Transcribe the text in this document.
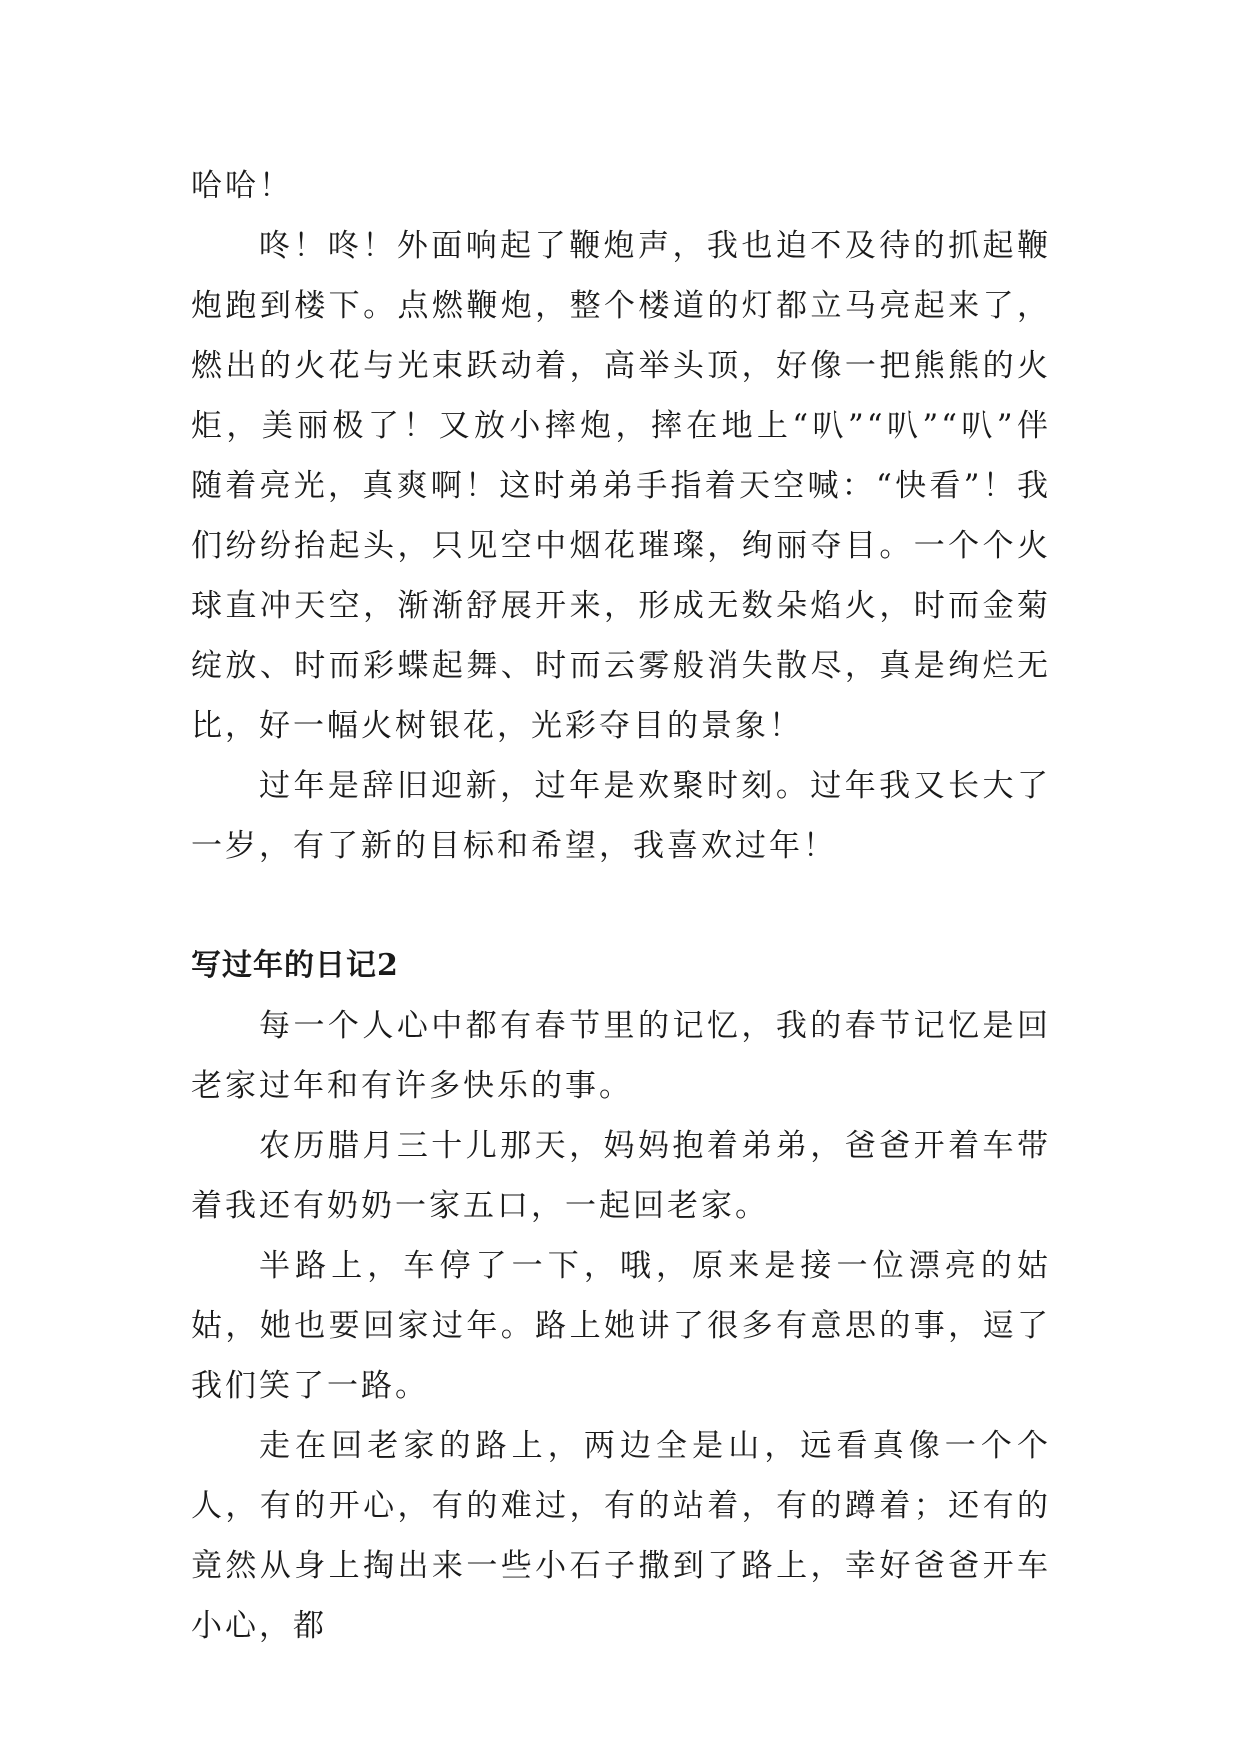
哈哈！

咚！咚！外面响起了鞭炮声，我也迫不及待的抓起鞭炮跑到楼下。点燃鞭炮，整个楼道的灯都立马亮起来了，燃出的火花与光束跃动着，高举头顶，好像一把熊熊的火炬，美丽极了！又放小摔炮，摔在地上“叭”“叭”“叭”伴随着亮光，真爽啊！这时弟弟手指着天空喊：“快看”！我们纷纷抬起头，只见空中烟花璀璨，绚丽夺目。一个个火球直冲天空，渐渐舒展开来，形成无数朵焰火，时而金菊绽放、时而彩蝶起舞、时而云雾般消失散尽，真是绚烂无比，好一幅火树银花，光彩夺目的景象！

过年是辞旧迎新，过年是欢聚时刻。过年我又长大了一岁，有了新的目标和希望，我喜欢过年！

写过年的日记2

每一个人心中都有春节里的记忆，我的春节记忆是回老家过年和有许多快乐的事。

农历腊月三十儿那天，妈妈抱着弟弟，爸爸开着车带着我还有奶奶一家五口，一起回老家。

半路上，车停了一下，哦，原来是接一位漂亮的姑姑，她也要回家过年。路上她讲了很多有意思的事，逗了我们笑了一路。

走在回老家的路上，两边全是山，远看真像一个个人，有的开心，有的难过，有的站着，有的蹲着；还有的竟然从身上掏出来一些小石子撒到了路上，幸好爸爸开车小心，都
